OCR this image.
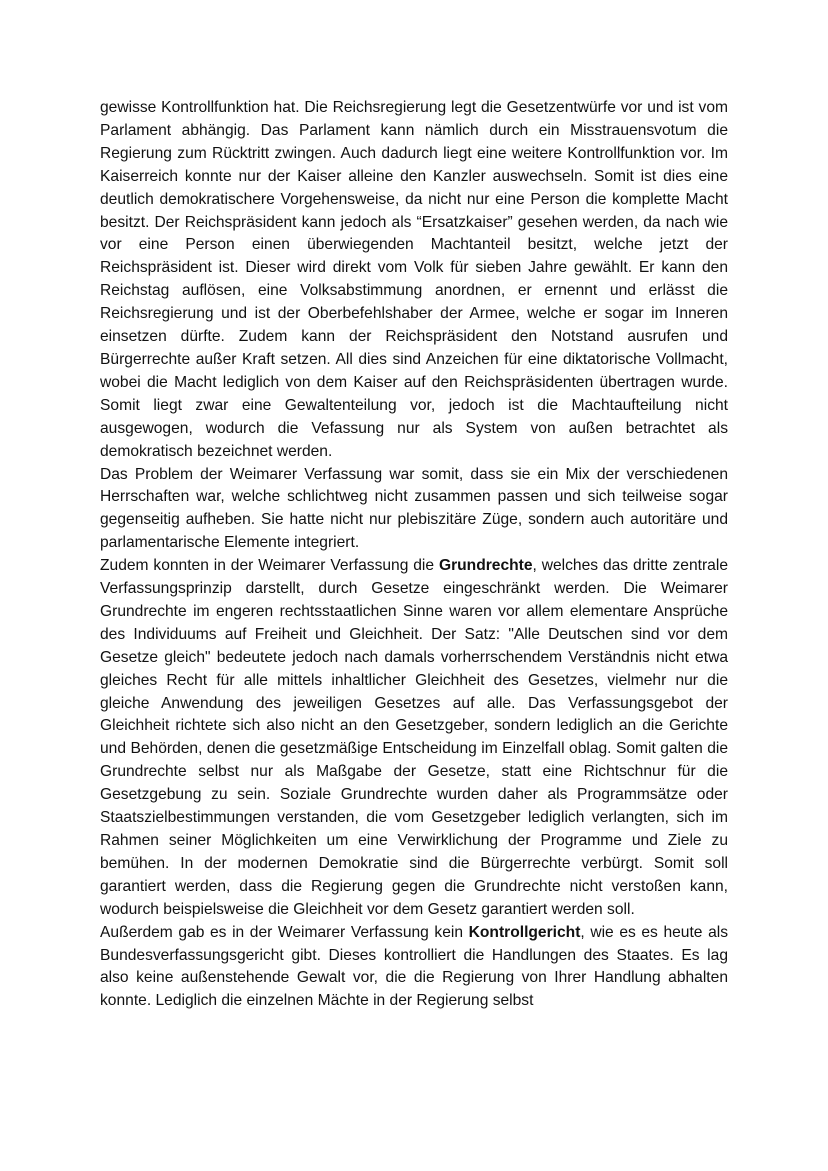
gewisse Kontrollfunktion hat. Die Reichsregierung legt die Gesetzentwürfe vor und ist vom Parlament abhängig. Das Parlament kann nämlich durch ein Misstrauensvotum die Regierung zum Rücktritt zwingen. Auch dadurch liegt eine weitere Kontrollfunktion vor. Im Kaiserreich konnte nur der Kaiser alleine den Kanzler auswechseln. Somit ist dies eine deutlich demokratischere Vorgehensweise, da nicht nur eine Person die komplette Macht besitzt. Der Reichspräsident kann jedoch als “Ersatzkaiser” gesehen werden, da nach wie vor eine Person einen überwiegenden Machtanteil besitzt, welche jetzt der Reichspräsident ist. Dieser wird direkt vom Volk für sieben Jahre gewählt. Er kann den Reichstag auflösen, eine Volksabstimmung anordnen, er ernennt und erlässt die Reichsregierung und ist der Oberbefehlshaber der Armee, welche er sogar im Inneren einsetzen dürfte. Zudem kann der Reichspräsident den Notstand ausrufen und Bürgerrechte außer Kraft setzen. All dies sind Anzeichen für eine diktatorische Vollmacht, wobei die Macht lediglich von dem Kaiser auf den Reichspräsidenten übertragen wurde. Somit liegt zwar eine Gewaltenteilung vor, jedoch ist die Machtaufteilung nicht ausgewogen, wodurch die Vefassung nur als System von außen betrachtet als demokratisch bezeichnet werden.

Das Problem der Weimarer Verfassung war somit, dass sie ein Mix der verschiedenen Herrschaften war, welche schlichtweg nicht zusammen passen und sich teilweise sogar gegenseitig aufheben. Sie hatte nicht nur plebiszitäre Züge, sondern auch autoritäre und parlamentarische Elemente integriert.

Zudem konnten in der Weimarer Verfassung die Grundrechte, welches das dritte zentrale Verfassungsprinzip darstellt, durch Gesetze eingeschränkt werden. Die Weimarer Grundrechte im engeren rechtsstaatlichen Sinne waren vor allem elementare Ansprüche des Individuums auf Freiheit und Gleichheit. Der Satz: "Alle Deutschen sind vor dem Gesetze gleich" bedeutete jedoch nach damals vorherrschendem Verständnis nicht etwa gleiches Recht für alle mittels inhaltlicher Gleichheit des Gesetzes, vielmehr nur die gleiche Anwendung des jeweiligen Gesetzes auf alle. Das Verfassungsgebot der Gleichheit richtete sich also nicht an den Gesetzgeber, sondern lediglich an die Gerichte und Behörden, denen die gesetzmäßige Entscheidung im Einzelfall oblag. Somit galten die Grundrechte selbst nur als Maßgabe der Gesetze, statt eine Richtschnur für die Gesetzgebung zu sein. Soziale Grundrechte wurden daher als Programmsätze oder Staatszielbestimmungen verstanden, die vom Gesetzgeber lediglich verlangten, sich im Rahmen seiner Möglichkeiten um eine Verwirklichung der Programme und Ziele zu bemühen. In der modernen Demokratie sind die Bürgerrechte verbürgt. Somit soll garantiert werden, dass die Regierung gegen die Grundrechte nicht verstoßen kann, wodurch beispielsweise die Gleichheit vor dem Gesetz garantiert werden soll.

Außerdem gab es in der Weimarer Verfassung kein Kontrollgericht, wie es es heute als Bundesverfassungsgericht gibt. Dieses kontrolliert die Handlungen des Staates. Es lag also keine außenstehende Gewalt vor, die die Regierung von Ihrer Handlung abhalten konnte. Lediglich die einzelnen Mächte in der Regierung selbst
